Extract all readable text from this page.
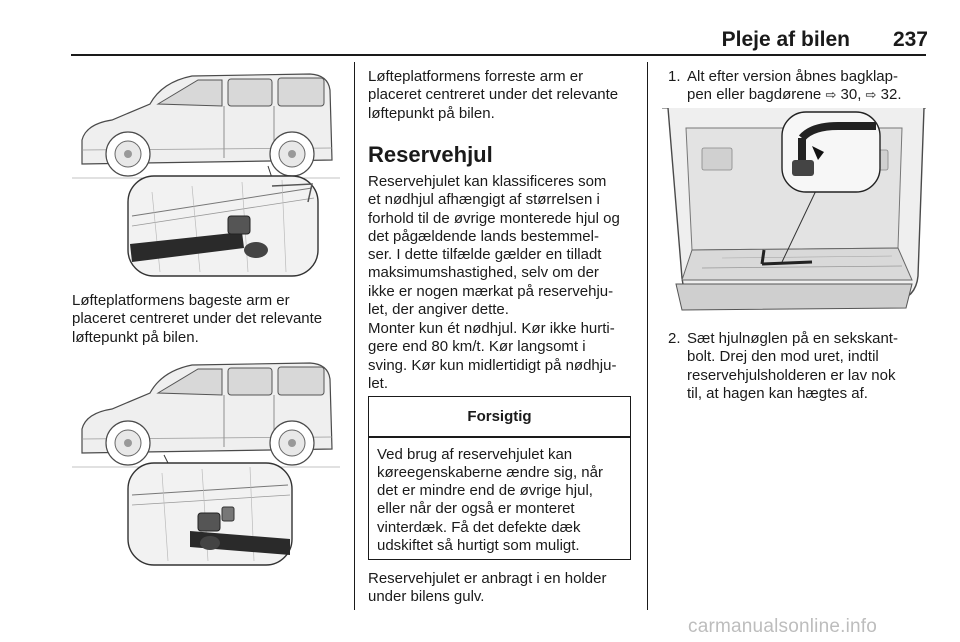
Pleje af bilen	237
Løfteplatformens bageste arm er placeret centreret under det relevante løftepunkt på bilen.

Løfteplatformens forreste arm er

placeret centreret under det relevante

løftepunkt på bilen.

Reservehjul

Reservehjulet kan klassificeres som

et nødhjul afhængigt af størrelsen i

forhold til de øvrige monterede hjul og

det pågældende lands bestemmel-

ser. I dette tilfælde gælder en tilladt

maksimumshastighed, selv om der

ikke er nogen mærkat på reservehju-

let, der angiver dette.

Monter kun ét nødhjul. Kør ikke hurti-

gere end 80 km/t. Kør langsomt i

sving. Kør kun midlertidigt på nødhju-

let.

Forsigtig

Ved brug af reservehjulet kan

køreegenskaberne ændre sig, når

det er mindre end de øvrige hjul,

eller når der også er monteret

vinterdæk. Få det defekte dæk

udskiftet så hurtigt som muligt.

Reservehjulet er anbragt i en holder

under bilens gulv.

1. Alt efter version åbnes bagklap-

pen eller bagdørene ⇨ 30, ⇨ 32.

2. Sæt hjulnøglen på en sekskant-

bolt. Drej den mod uret, indtil

reservehjulsholderen er lav nok

til, at hagen kan hægtes af.

carmanualsonline.info
